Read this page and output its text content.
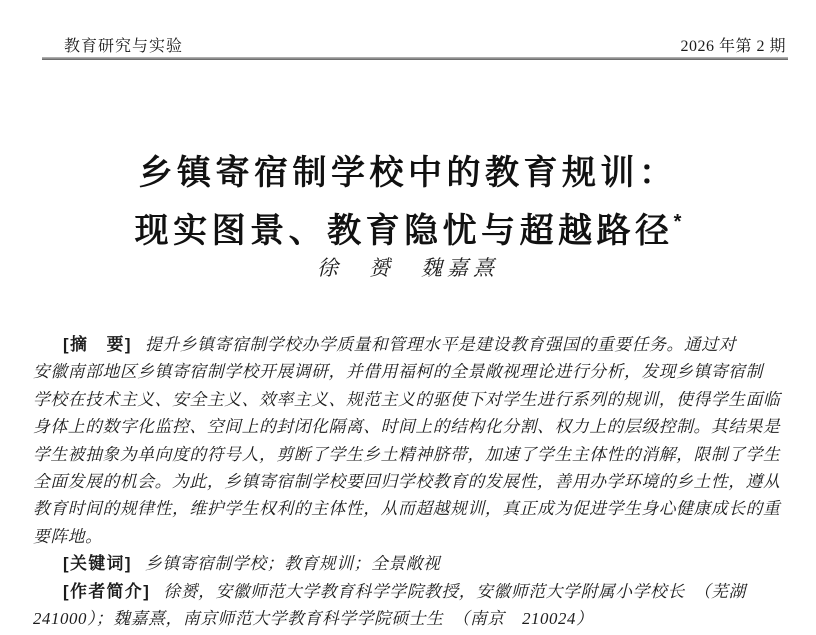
教育研究与实验	2026 年第 2 期
乡镇寄宿制学校中的教育规训：
现实图景、教育隐忧与超越路径*
徐　赟　魏嘉熹

[摘　要] 提升乡镇寄宿制学校办学质量和管理水平是建设教育强国的重要任务。通过对

安徽南部地区乡镇寄宿制学校开展调研，并借用福柯的全景敞视理论进行分析，发现乡镇寄宿制

学校在技术主义、安全主义、效率主义、规范主义的驱使下对学生进行系列的规训，使得学生面临

身体上的数字化监控、空间上的封闭化隔离、时间上的结构化分割、权力上的层级控制。其结果是

学生被抽象为单向度的符号人，剪断了学生乡土精神脐带，加速了学生主体性的消解，限制了学生

全面发展的机会。为此，乡镇寄宿制学校要回归学校教育的发展性，善用办学环境的乡土性，遵从

教育时间的规律性，维护学生权利的主体性，从而超越规训，真正成为促进学生身心健康成长的重

要阵地。

[关键词] 乡镇寄宿制学校；教育规训；全景敞视

[作者简介] 徐赟，安徽师范大学教育科学学院教授，安徽师范大学附属小学校长　（芜湖

241000）；魏嘉熹，南京师范大学教育科学学院硕士生　（南京　210024）
